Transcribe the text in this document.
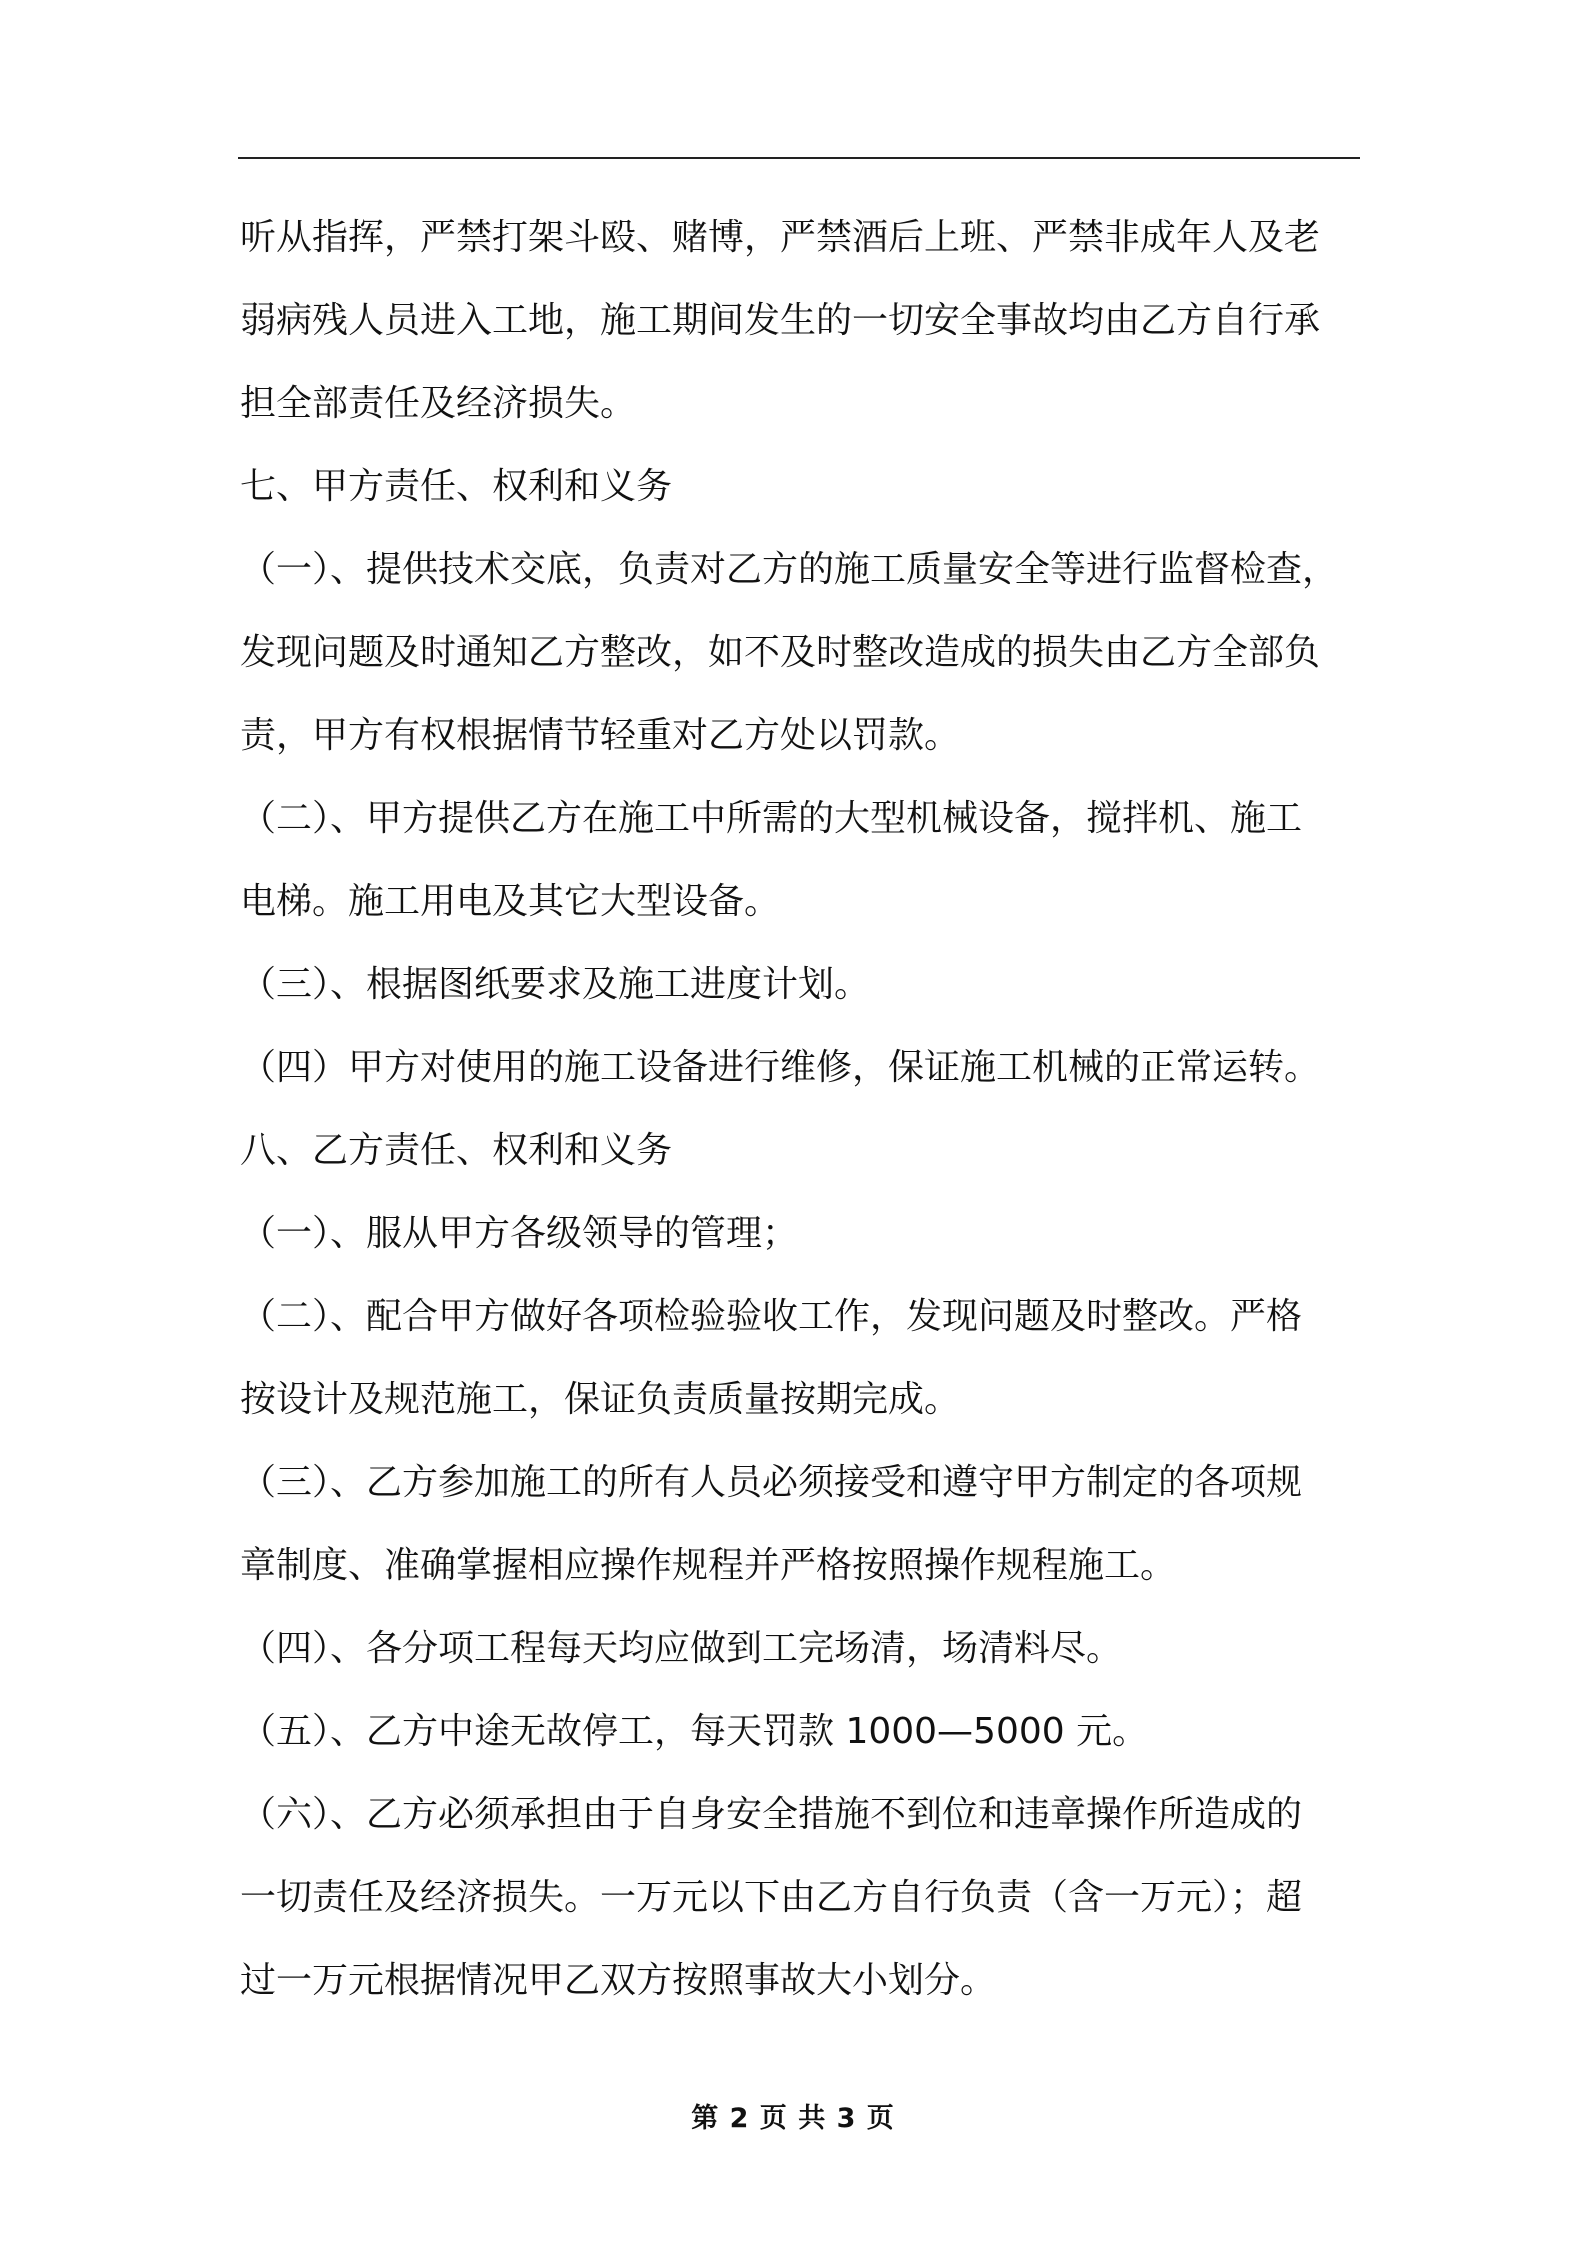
听从指挥，严禁打架斗殴、赌博，严禁酒后上班、严禁非成年人及老
弱病残人员进入工地，施工期间发生的一切安全事故均由乙方自行承
担全部责任及经济损失。
七、甲方责任、权利和义务
（一）、提供技术交底，负责对乙方的施工质量安全等进行监督检查，
发现问题及时通知乙方整改，如不及时整改造成的损失由乙方全部负
责，甲方有权根据情节轻重对乙方处以罚款。
（二）、甲方提供乙方在施工中所需的大型机械设备，搅拌机、施工
电梯。施工用电及其它大型设备。
（三）、根据图纸要求及施工进度计划。
（四）甲方对使用的施工设备进行维修，保证施工机械的正常运转。
八、乙方责任、权利和义务
（一）、服从甲方各级领导的管理；
（二）、配合甲方做好各项检验验收工作，发现问题及时整改。严格
按设计及规范施工，保证负责质量按期完成。
（三）、乙方参加施工的所有人员必须接受和遵守甲方制定的各项规
章制度、准确掌握相应操作规程并严格按照操作规程施工。
（四）、各分项工程每天均应做到工完场清，场清料尽。
（五）、乙方中途无故停工，每天罚款 1000—5000 元。
（六）、乙方必须承担由于自身安全措施不到位和违章操作所造成的
一切责任及经济损失。一万元以下由乙方自行负责（含一万元）；超
过一万元根据情况甲乙双方按照事故大小划分。
第 2 页 共 3 页
